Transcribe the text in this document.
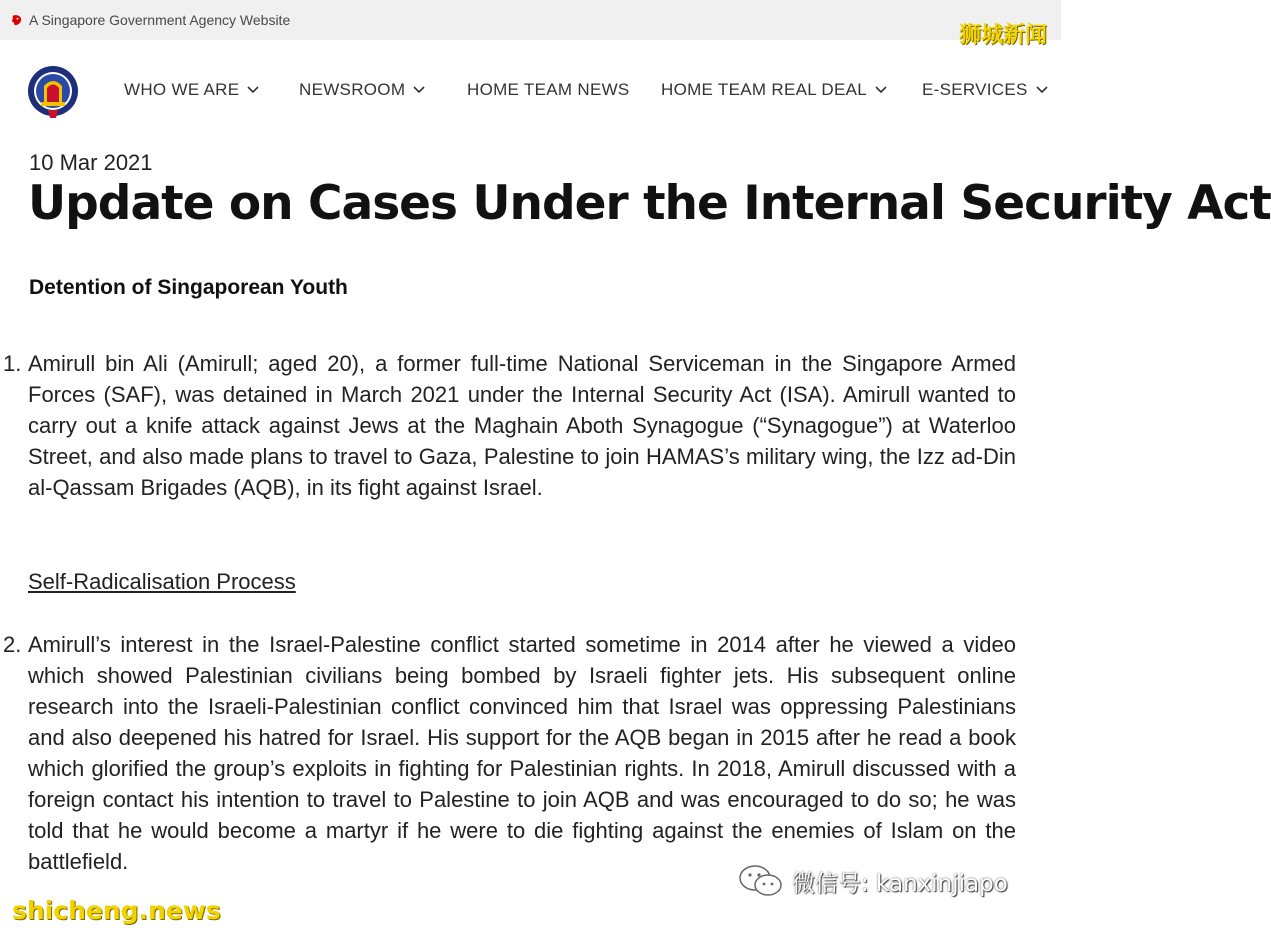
A Singapore Government Agency Website
狮城新闻
WHO WE ARE	NEWSROOM	HOME TEAM NEWS HOME TEAM REAL DEAL	E-SERVICES
10 Mar 2021
Update on Cases Under the Internal Security Act
Detention of Singaporean Youth
1. Amirull bin Ali (Amirull; aged 20), a former full-time National Serviceman in the Singapore Armed Forces (SAF), was detained in March 2021 under the Internal Security Act (ISA). Amirull wanted to carry out a knife attack against Jews at the Maghain Aboth Synagogue (“Synagogue”) at Waterloo Street, and also made plans to travel to Gaza, Palestine to join HAMAS’s military wing, the Izz ad-Din al-Qassam Brigades (AQB), in its fight against Israel.

Self-Radicalisation Process
2. Amirull’s interest in the Israel-Palestine conflict started sometime in 2014 after he viewed a video which showed Palestinian civilians being bombed by Israeli fighter jets. His subsequent online research into the Israeli-Palestinian conflict convinced him that Israel was oppressing Palestinians and also deepened his hatred for Israel. His support for the AQB began in 2015 after he read a book which glorified the group’s exploits in fighting for Palestinian rights. In 2018, Amirull discussed with a foreign contact his intention to travel to Palestine to join AQB and was encouraged to do so; he was told that he would become a martyr if he were to die fighting against the enemies of Islam on the battlefield.

微信号: kanxinjiapo
shicheng.news
